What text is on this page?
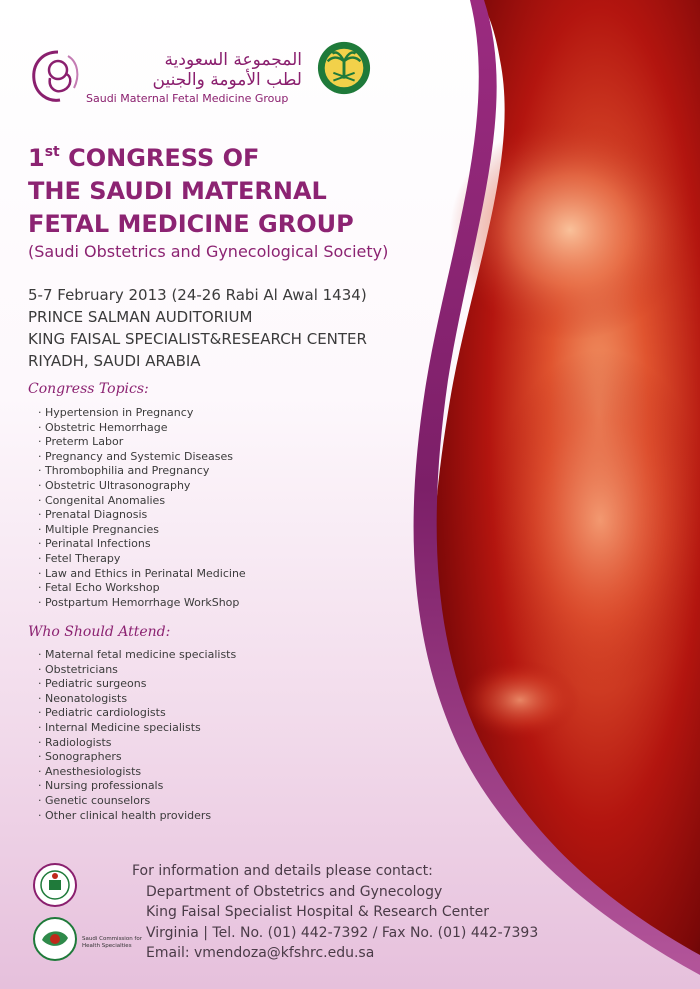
المجموعة السعودية
لطب الأمومة والجنين
Saudi Maternal Fetal Medicine Group
1st CONGRESS OF
THE SAUDI MATERNAL
FETAL MEDICINE GROUP

(Saudi Obstetrics and Gynecological Society)

5-7 February 2013 (24-26 Rabi Al Awal 1434)
PRINCE SALMAN AUDITORIUM
KING FAISAL SPECIALIST&RESEARCH CENTER
RIYADH, SAUDI ARABIA
Congress Topics:
· Hypertension in Pregnancy
· Obstetric Hemorrhage
· Preterm Labor
· Pregnancy and Systemic Diseases
· Thrombophilia and Pregnancy
· Obstetric Ultrasonography
· Congenital Anomalies
· Prenatal Diagnosis
· Multiple Pregnancies
· Perinatal Infections
· Fetel Therapy
· Law and Ethics in Perinatal Medicine
· Fetal Echo Workshop
· Postpartum Hemorrhage WorkShop
Who Should Attend:
· Maternal fetal medicine specialists
· Obstetricians
· Pediatric surgeons
· Neonatologists
· Pediatric cardiologists
· Internal Medicine specialists
· Radiologists
· Sonographers
· Anesthesiologists
· Nursing professionals
· Genetic counselors
· Other clinical health providers
Saudi Commission for
Health Specialties
For information and details please contact:
Department of Obstetrics and Gynecology
King Faisal Specialist Hospital & Research Center
Virginia | Tel. No. (01) 442-7392 / Fax No. (01) 442-7393
Email: vmendoza@kfshrc.edu.sa
